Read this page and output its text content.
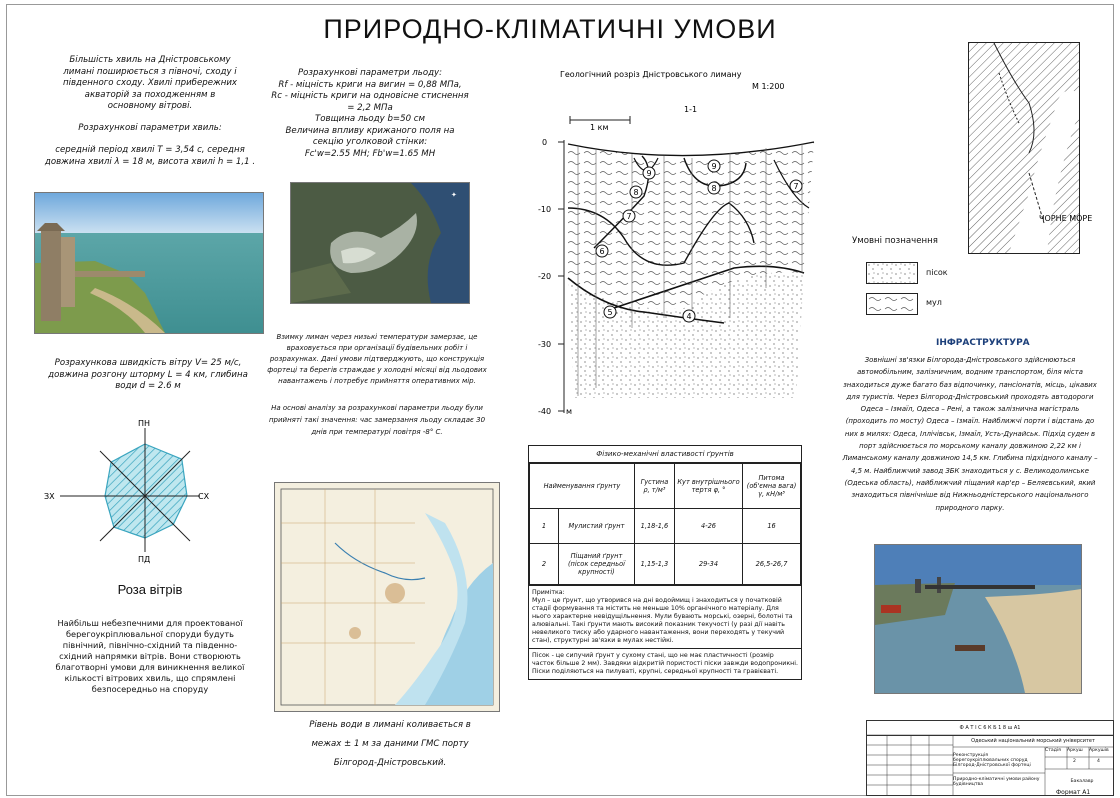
ПРИРОДНО-КЛІМАТИЧНІ УМОВИ
Більшість хвиль на Дністровському лимані поширюється з півночі, сходу і південного сходу. Хвилі прибережних акваторій за походженням в основному вітрові.
Розрахункові параметри хвиль:
середній період хвилі Т = 3,54 с, середня довжина хвилі λ = 18 м, висота хвилі h = 1,1 .
Розрахункова швидкість вітру V= 25 м/с, довжина розгону шторму L = 4 км, глибина води d = 2.6 м
ПН
ПД
ЗХ	СХ
Роза вітрів
Найбільш небезпечними для проектованої берегоукріплювальної споруди будуть північний, північно-східний та південно-східний напрямки вітрів. Вони створюють благотворні умови для виникнення великої кількості вітрових хвиль, що спрямлені безпосередньо на споруду

Розрахункові параметри льоду:

Rf - міцність криги на вигин = 0,88 МПа,

Rc - міцність криги на одновісне стиснення = 2,2 МПа

Товщина льоду b=50 см

Величина впливу крижаного поля на секцію уголковой стінки:

Fc'w=2.55 MH; Fb'w=1.65 MH

✦
Взимку лиман через низькі температури замерзає, це враховується при організації будівельних робіт і розрахунках. Дані умови підтверджують, що конструкція фортеці та берегів страждає у холодні місяці від льодових навантажень і потребує прийняття оперативних мір.
На основі аналізу за розрахункові параметри льоду були прийняті такі значення: час замерзання льоду складає 30 днів при температурі повітря -8° С.
Рівень води в лимані коливається в межах ± 1 м за даними ГМС порту Білгород-Дністровський.
Геологічний розріз Дністровського лиману
М 1:200
1-1
1 км
0
-10
-20
-30
-40 м
9
8
9
8	7
7
6
5	4
ЧОРНЕ МОРЕ
Умовні позначення
пісок
мул
ІНФРАСТРУКТУРА
Зовнішні зв'язки Білгорода-Дністровського здійснюються автомобільним, залізничним, водним транспортом, біля міста знаходиться дуже багато баз відпочинку, пансіонатів, місць, цікавих для туристів. Через Білгород-Дністровський проходять автодороги Одеса – Ізмаїл, Одеса – Рені, а також залізнична магістраль (проходить по мосту) Одеса – Ізмаїл. Найближчі порти і відстань до них в милях: Одеса, Іллічівськ, Ізмаїл, Усть-Дунайськ. Підхід суден в порт здійснюється по морському каналу довжиною 2,22 км і Лиманському каналу довжиною 14,5 км. Глибина підхідного каналу – 4,5 м. Найближчий завод ЗБК знаходиться у с. Великодолинське (Одеська область), найближчий піщаний кар'єр – Беляєвський, який знаходиться північніше від Нижньодністерського національного природного парку.
Фізико-механічні властивості ґрунтів
Найменування ґрунту		Густина ρ, т/м³	Кут внутрішнього тертя φ, °	Питома (об'ємна вага) γ, кН/м³
1	Мулистий ґрунт	1,18-1,6	4-26	16
2	Піщаний ґрунт (пісок середньої крупності)	1,15-1,3	29-34	26,5-26,7
Примітка:
Мул – це ґрунт, що утворився на дні водоймищ і знаходиться у початковій стадії формування та містить не меньше 10% органічного матеріалу. Для нього характерне невідущільнення. Мули бувають морські, озерні, болотні та алювіальні. Такі ґрунти мають високий показник текучості (у разі дії навіть невеликого тиску або ударного навантаження, вони переходять у текучий стан), структурні зв'язки в мулах нестійкі.
Пісок - це сипучий ґрунт у сухому стані, що не має пластичності (розмір часток більше 2 мм). Завдяки відкритій пористості піски завжди водопроникні. Піски поділяються на пилуваті, крупні, середньої крупності та гравієваті.
Ф А Т І С 6 К Б 1 8 ш А1
Одеський національний морський університет
Реконструкція берегоукріплювальних споруд Білгород-Дністровської фортеці
Стадія	Аркуш	Аркушів
2	4
Природно-кліматичні умови району будівництва
Бакалавр
Формат А1
